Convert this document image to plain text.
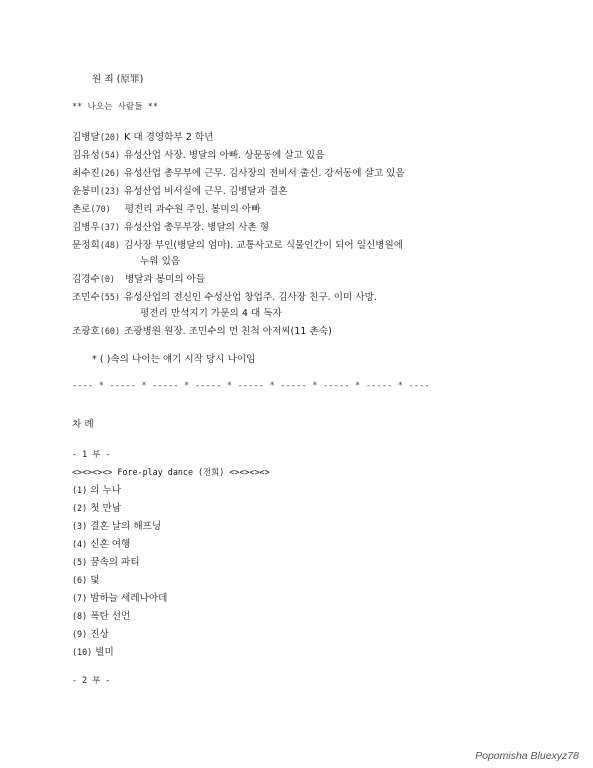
원 죄 (原罪)
** 나오는 사람들 **
김병달(20) K 대 경영학부 2 학년
김유성(54) 유성산업 사장. 병달의 아빠. 상문동에 살고 있음
최수진(26) 유성산업 총무부에 근무. 김사장의 전비서 출신. 강서동에 살고 있음
윤봉미(23) 유성산업 비서실에 근무. 김병달과 결혼
촌로(70) 평전리 과수원 주인. 봉미의 아빠
김병우(37) 유성산업 총무부장. 병달의 사촌 형
문정희(48) 김사장 부인(병달의 엄마). 교통사고로 식물인간이 되어 일신병원에
누워 있음
김경수(0) 병달과 봉미의 아들
조민수(55) 유성산업의 전신인 수성산업 창업주. 김사장 친구. 이미 사망.
평전리 만석지기 가문의 4 대 독자
조광호(60) 조광병원 원장. 조민수의 먼 친척 아저씨(11 촌숙)
* ( )속의 나이는 얘기 시작 당시 나이임
---- * ----- * ----- * ----- * ----- * ----- * ----- * ----- * ----
차 례
- 1 부 -
<><><><> Fore-play dance (전희) <><><><>
(1) 의 누나
(2) 첫 만남
(3) 결혼 날의 해프닝
(4) 신혼 여행
(5) 꿈속의 파티
(6) 덫
(7) 밤하늘 세레나아데
(8) 폭탄 선언
(9) 진상
(10) 빌미
- 2 부 -
Popomisha Bluexyz78
